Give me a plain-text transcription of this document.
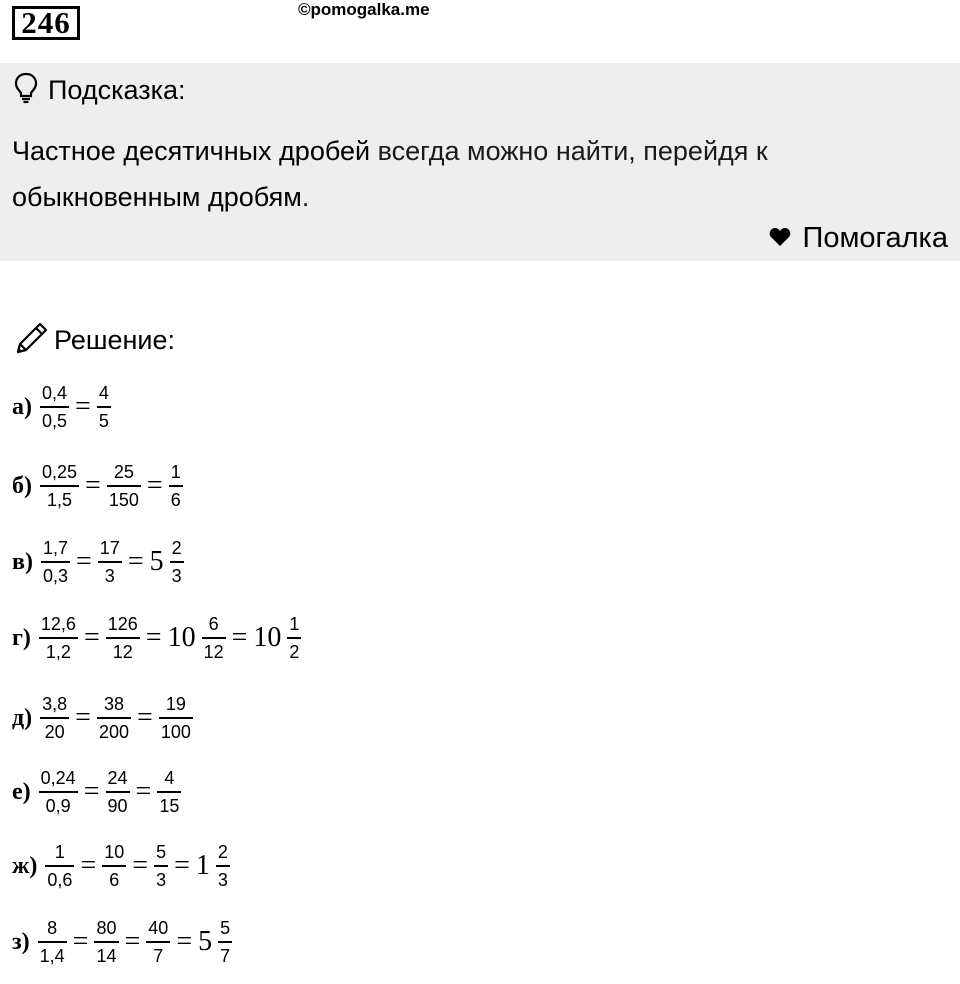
246	©pomogalka.me
Подсказка:
Частное десятичных дробей всегда можно найти, перейдя к
обыкновенным дробям.
Помогалка
Решение:
$а) \frac{0,4}{0,5} = \frac{4}{5}$
$б) \frac{0,25}{1,5} = \frac{25}{150} = \frac{1}{6}$
$в) \frac{1,7}{0,3} = \frac{17}{3} = 5 \frac{2}{3}$
$г) \frac{12,6}{1,2} = \frac{126}{12} = 10 \frac{6}{12} = 10 \frac{1}{2}$
$д) \frac{3,8}{20} = \frac{38}{200} = \frac{19}{100}$
$е) \frac{0,24}{0,9} = \frac{24}{90} = \frac{4}{15}$
$ж) \frac{1}{0,6} = \frac{10}{6} = \frac{5}{3} = 1 \frac{2}{3}$
$з) \frac{8}{1,4} = \frac{80}{14} = \frac{40}{7} = 5 \frac{5}{7}$
